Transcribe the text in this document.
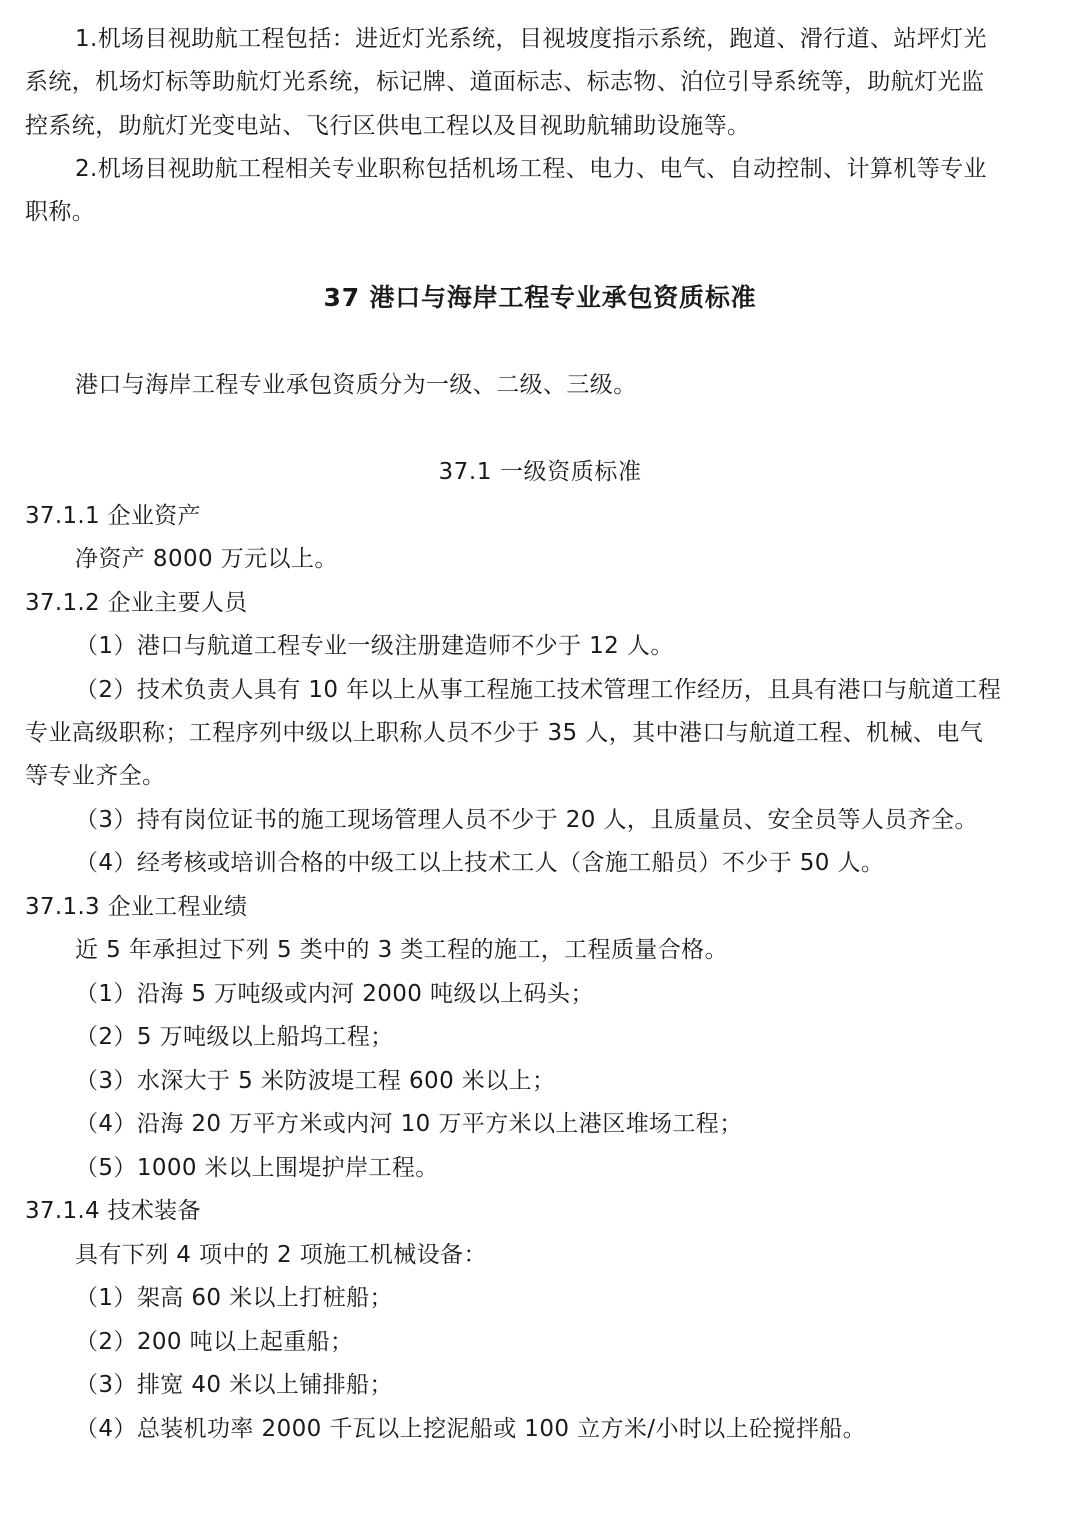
1.机场目视助航工程包括：进近灯光系统，目视坡度指示系统，跑道、滑行道、站坪灯光
系统，机场灯标等助航灯光系统，标记牌、道面标志、标志物、泊位引导系统等，助航灯光监
控系统，助航灯光变电站、飞行区供电工程以及目视助航辅助设施等。
2.机场目视助航工程相关专业职称包括机场工程、电力、电气、自动控制、计算机等专业
职称。
37 港口与海岸工程专业承包资质标准
港口与海岸工程专业承包资质分为一级、二级、三级。
37.1 一级资质标准
37.1.1 企业资产
净资产 8000 万元以上。
37.1.2 企业主要人员
（1）港口与航道工程专业一级注册建造师不少于 12 人。
（2）技术负责人具有 10 年以上从事工程施工技术管理工作经历，且具有港口与航道工程
专业高级职称；工程序列中级以上职称人员不少于 35 人，其中港口与航道工程、机械、电气
等专业齐全。
（3）持有岗位证书的施工现场管理人员不少于 20 人，且质量员、安全员等人员齐全。
（4）经考核或培训合格的中级工以上技术工人（含施工船员）不少于 50 人。
37.1.3 企业工程业绩
近 5 年承担过下列 5 类中的 3 类工程的施工，工程质量合格。
（1）沿海 5 万吨级或内河 2000 吨级以上码头；
（2）5 万吨级以上船坞工程；
（3）水深大于 5 米防波堤工程 600 米以上；
（4）沿海 20 万平方米或内河 10 万平方米以上港区堆场工程；
（5）1000 米以上围堤护岸工程。
37.1.4 技术装备
具有下列 4 项中的 2 项施工机械设备：
（1）架高 60 米以上打桩船；
（2）200 吨以上起重船；
（3）排宽 40 米以上铺排船；
（4）总装机功率 2000 千瓦以上挖泥船或 100 立方米/小时以上砼搅拌船。
